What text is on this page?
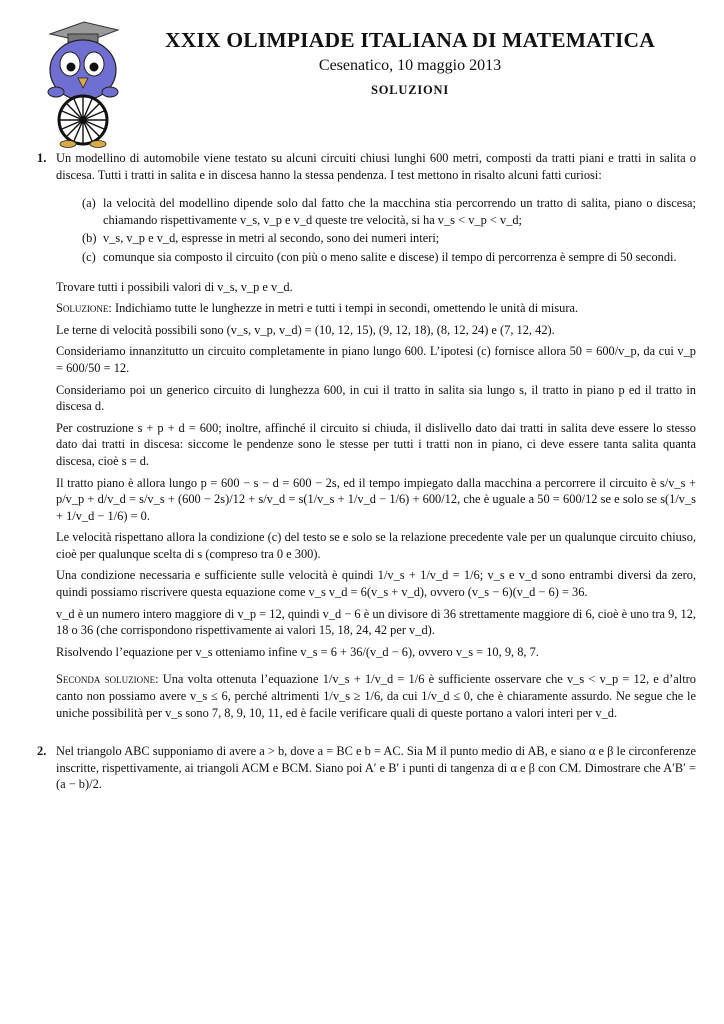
XXIX OLIMPIADE ITALIANA DI MATEMATICA
Cesenatico, 10 maggio 2013
SOLUZIONI
1. Un modellino di automobile viene testato su alcuni circuiti chiusi lunghi 600 metri, composti da tratti piani e tratti in salita o discesa. Tutti i tratti in salita e in discesa hanno la stessa pendenza. I test mettono in risalto alcuni fatti curiosi:

(a) la velocità del modellino dipende solo dal fatto che la macchina stia percorrendo un tratto di salita, piano o discesa; chiamando rispettivamente v_s, v_p e v_d queste tre velocità, si ha v_s < v_p < v_d;
(b) v_s, v_p e v_d, espresse in metri al secondo, sono dei numeri interi;
(c) comunque sia composto il circuito (con più o meno salite e discese) il tempo di percorrenza è sempre di 50 secondi.

Trovare tutti i possibili valori di v_s, v_p e v_d.

Soluzione: Indichiamo tutte le lunghezze in metri e tutti i tempi in secondi, omettendo le unità di misura.

Le terne di velocità possibili sono (v_s, v_p, v_d) = (10, 12, 15), (9, 12, 18), (8, 12, 24) e (7, 12, 42).

Consideriamo innanzitutto un circuito completamente in piano lungo 600. L’ipotesi (c) fornisce allora 50 = 600/v_p, da cui v_p = 600/50 = 12.

Consideriamo poi un generico circuito di lunghezza 600, in cui il tratto in salita sia lungo s, il tratto in piano p ed il tratto in discesa d.

Per costruzione s + p + d = 600; inoltre, affinché il circuito si chiuda, il dislivello dato dai tratti in salita deve essere lo stesso dato dai tratti in discesa: siccome le pendenze sono le stesse per tutti i tratti non in piano, ci deve essere tanta salita quanta discesa, cioè s = d.

Il tratto piano è allora lungo p = 600 − s − d = 600 − 2s, ed il tempo impiegato dalla macchina a percorrere il circuito è s/v_s + p/v_p + d/v_d = s/v_s + (600 − 2s)/12 + s/v_d = s(1/v_s + 1/v_d − 1/6) + 600/12, che è uguale a 50 = 600/12 se e solo se s(1/v_s + 1/v_d − 1/6) = 0.

Le velocità rispettano allora la condizione (c) del testo se e solo se la relazione precedente vale per un qualunque circuito chiuso, cioè per qualunque scelta di s (compreso tra 0 e 300).

Una condizione necessaria e sufficiente sulle velocità è quindi 1/v_s + 1/v_d = 1/6; v_s e v_d sono entrambi diversi da zero, quindi possiamo riscrivere questa equazione come v_s v_d = 6(v_s + v_d), ovvero (v_s − 6)(v_d − 6) = 36.

v_d è un numero intero maggiore di v_p = 12, quindi v_d − 6 è un divisore di 36 strettamente maggiore di 6, cioè è uno tra 9, 12, 18 o 36 (che corrispondono rispettivamente ai valori 15, 18, 24, 42 per v_d).

Risolvendo l’equazione per v_s otteniamo infine v_s = 6 + 36/(v_d − 6), ovvero v_s = 10, 9, 8, 7.

Seconda soluzione: Una volta ottenuta l’equazione 1/v_s + 1/v_d = 1/6 è sufficiente osservare che v_s < v_p = 12, e d’altro canto non possiamo avere v_s ≤ 6, perché altrimenti 1/v_s ≥ 1/6, da cui 1/v_d ≤ 0, che è chiaramente assurdo. Ne segue che le uniche possibilità per v_s sono 7, 8, 9, 10, 11, ed è facile verificare quali di queste portano a valori interi per v_d.

2. Nel triangolo ABC supponiamo di avere a > b, dove a = BC e b = AC. Sia M il punto medio di AB, e siano α e β le circonferenze inscritte, rispettivamente, ai triangoli ACM e BCM. Siano poi A′ e B′ i punti di tangenza di α e β con CM. Dimostrare che A′B′ = (a − b)/2.
